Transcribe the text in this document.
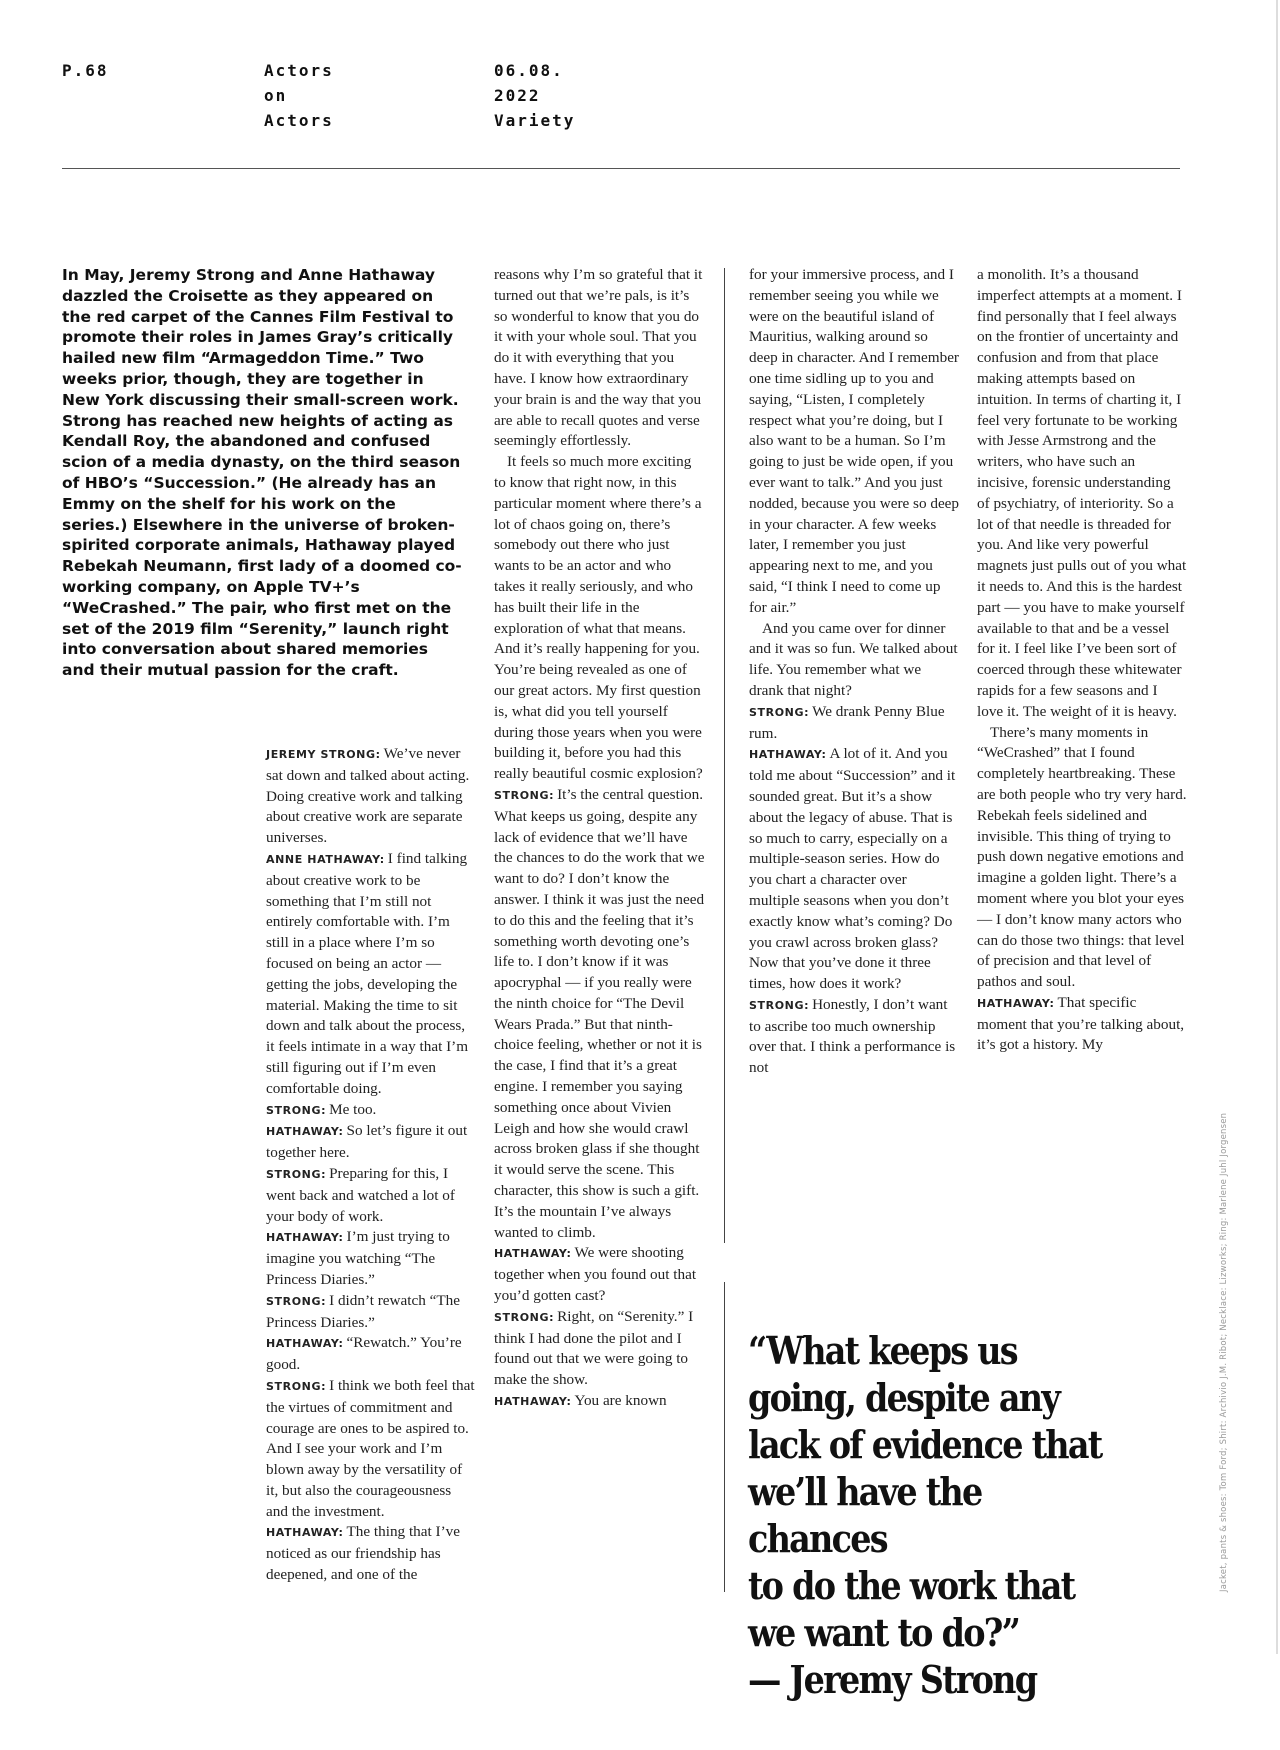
P.68	Actors
on
Actors
06.08.
2022
Variety

In May, Jeremy Strong and Anne Hathaway dazzled the Croisette as they appeared on the red carpet of the Cannes Film Festival to promote their roles in James Gray’s critically hailed new film “Armageddon Time.” Two weeks prior, though, they are together in New York discussing their small-screen work. Strong has reached new heights of acting as Kendall Roy, the abandoned and confused scion of a media dynasty, on the third season of HBO’s “Succession.” (He already has an Emmy on the shelf for his work on the series.) Elsewhere in the universe of broken-spirited corporate animals, Hathaway played Rebekah Neumann, first lady of a doomed co-working company, on Apple TV+’s “WeCrashed.” The pair, who first met on the set of the 2019 film “Serenity,” launch right into conversation about shared memories and their mutual passion for the craft.

JEREMY STRONG: We’ve never sat down and talked about acting. Doing creative work and talking about creative work are separate universes.

ANNE HATHAWAY: I find talking about creative work to be something that I’m still not entirely comfortable with. I’m still in a place where I’m so focused on being an actor — getting the jobs, developing the material. Making the time to sit down and talk about the process, it feels intimate in a way that I’m still figuring out if I’m even comfortable doing.

STRONG: Me too.

HATHAWAY: So let’s figure it out together here.

STRONG: Preparing for this, I went back and watched a lot of your body of work.

HATHAWAY: I’m just trying to imagine you watching “The Princess Diaries.”

STRONG: I didn’t rewatch “The Princess Diaries.”

HATHAWAY: “Rewatch.” You’re good.

STRONG: I think we both feel that the virtues of commitment and courage are ones to be aspired to. And I see your work and I’m blown away by the versatility of it, but also the courageousness and the investment.

HATHAWAY: The thing that I’ve noticed as our friendship has deepened, and one of the

reasons why I’m so grateful that it turned out that we’re pals, is it’s so wonderful to know that you do it with your whole soul. That you do it with everything that you have. I know how extraordinary your brain is and the way that you are able to recall quotes and verse seemingly effortlessly.

It feels so much more exciting to know that right now, in this particular moment where there’s a lot of chaos going on, there’s somebody out there who just wants to be an actor and who takes it really seriously, and who has built their life in the exploration of what that means. And it’s really happening for you. You’re being revealed as one of our great actors. My first question is, what did you tell yourself during those years when you were building it, before you had this really beautiful cosmic explosion?

STRONG: It’s the central question. What keeps us going, despite any lack of evidence that we’ll have the chances to do the work that we want to do? I don’t know the answer. I think it was just the need to do this and the feeling that it’s something worth devoting one’s life to. I don’t know if it was apocryphal — if you really were the ninth choice for “The Devil Wears Prada.” But that ninth-choice feeling, whether or not it is the case, I find that it’s a great engine. I remember you saying something once about Vivien Leigh and how she would crawl across broken glass if she thought it would serve the scene. This character, this show is such a gift. It’s the mountain I’ve always wanted to climb.

HATHAWAY: We were shooting together when you found out that you’d gotten cast?

STRONG: Right, on “Serenity.” I think I had done the pilot and I found out that we were going to make the show.

HATHAWAY: You are known

for your immersive process, and I remember seeing you while we were on the beautiful island of Mauritius, walking around so deep in character. And I remember one time sidling up to you and saying, “Listen, I completely respect what you’re doing, but I also want to be a human. So I’m going to just be wide open, if you ever want to talk.” And you just nodded, because you were so deep in your character. A few weeks later, I remember you just appearing next to me, and you said, “I think I need to come up for air.”

And you came over for dinner and it was so fun. We talked about life. You remember what we drank that night?

STRONG: We drank Penny Blue rum.

HATHAWAY: A lot of it. And you told me about “Succession” and it sounded great. But it’s a show about the legacy of abuse. That is so much to carry, especially on a multiple-season series. How do you chart a character over multiple seasons when you don’t exactly know what’s coming? Do you crawl across broken glass? Now that you’ve done it three times, how does it work?

STRONG: Honestly, I don’t want to ascribe too much ownership over that. I think a performance is not

a monolith. It’s a thousand imperfect attempts at a moment. I find personally that I feel always on the frontier of uncertainty and confusion and from that place making attempts based on intuition. In terms of charting it, I feel very fortunate to be working with Jesse Armstrong and the writers, who have such an incisive, forensic understanding of psychiatry, of interiority. So a lot of that needle is threaded for you. And like very powerful magnets just pulls out of you what it needs to. And this is the hardest part — you have to make yourself available to that and be a vessel for it. I feel like I’ve been sort of coerced through these whitewater rapids for a few seasons and I love it. The weight of it is heavy.

There’s many moments in “WeCrashed” that I found completely heartbreaking. These are both people who try very hard. Rebekah feels sidelined and invisible. This thing of trying to push down negative emotions and imagine a golden light. There’s a moment where you blot your eyes — I don’t know many actors who can do those two things: that level of precision and that level of pathos and soul.

HATHAWAY: That specific moment that you’re talking about, it’s got a history. My

“What keeps us
going, despite any
lack of evidence that
we’ll have the chances
to do the work that
we want to do?”

— Jeremy Strong

Jacket, pants & shoes: Tom Ford; Shirt: Archivio J.M. Ribot; Necklace: Lizworks; Ring: Marlene Juhl Jorgensen
